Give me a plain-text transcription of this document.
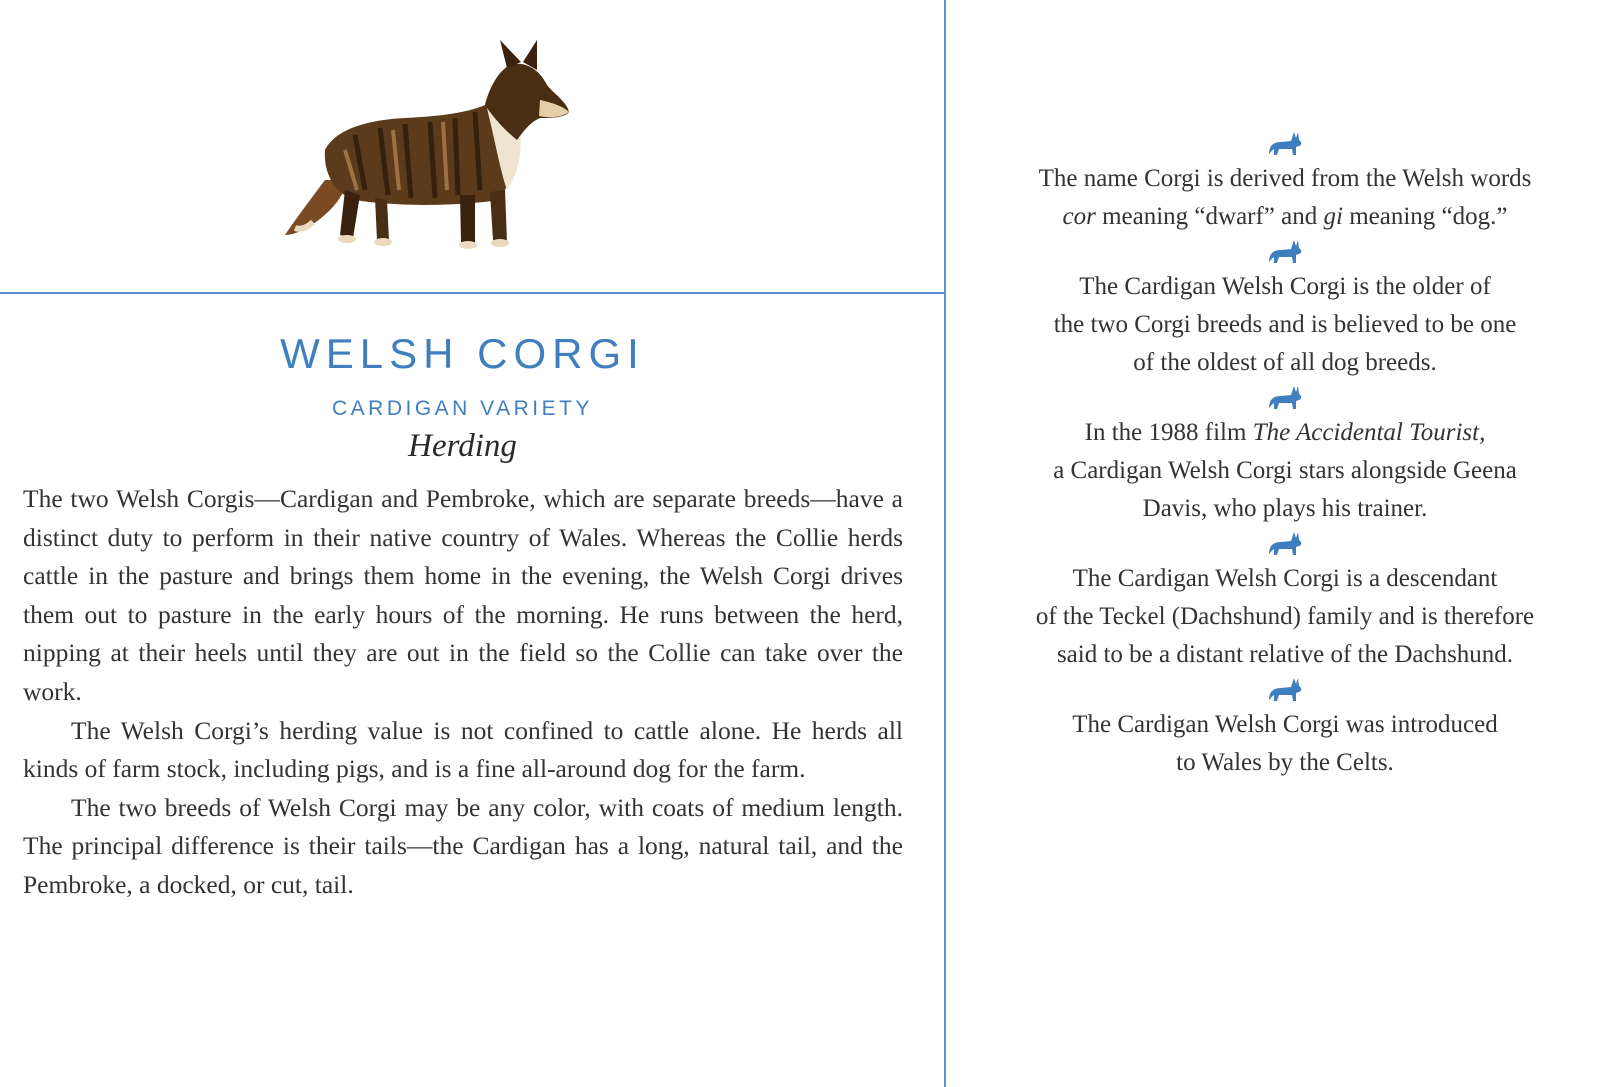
WELSH CORGI
CARDIGAN VARIETY
Herding

The two Welsh Corgis—Cardigan and Pembroke, which are separate breeds—have a distinct duty to perform in their native country of Wales. Whereas the Collie herds cattle in the pasture and brings them home in the evening, the Welsh Corgi drives them out to pasture in the early hours of the morning. He runs between the herd, nipping at their heels until they are out in the field so the Collie can take over the work.

The Welsh Corgi’s herding value is not confined to cattle alone. He herds all kinds of farm stock, including pigs, and is a fine all-around dog for the farm.

The two breeds of Welsh Corgi may be any color, with coats of medium length. The principal difference is their tails—the Cardigan has a long, natural tail, and the Pembroke, a docked, or cut, tail.

The name Corgi is derived from the Welsh words
cor meaning “dwarf” and gi meaning “dog.”

The Cardigan Welsh Corgi is the older of
the two Corgi breeds and is believed to be one
of the oldest of all dog breeds.

In the 1988 film The Accidental Tourist,
a Cardigan Welsh Corgi stars alongside Geena
Davis, who plays his trainer.

The Cardigan Welsh Corgi is a descendant
of the Teckel (Dachshund) family and is therefore
said to be a distant relative of the Dachshund.

The Cardigan Welsh Corgi was introduced
to Wales by the Celts.
